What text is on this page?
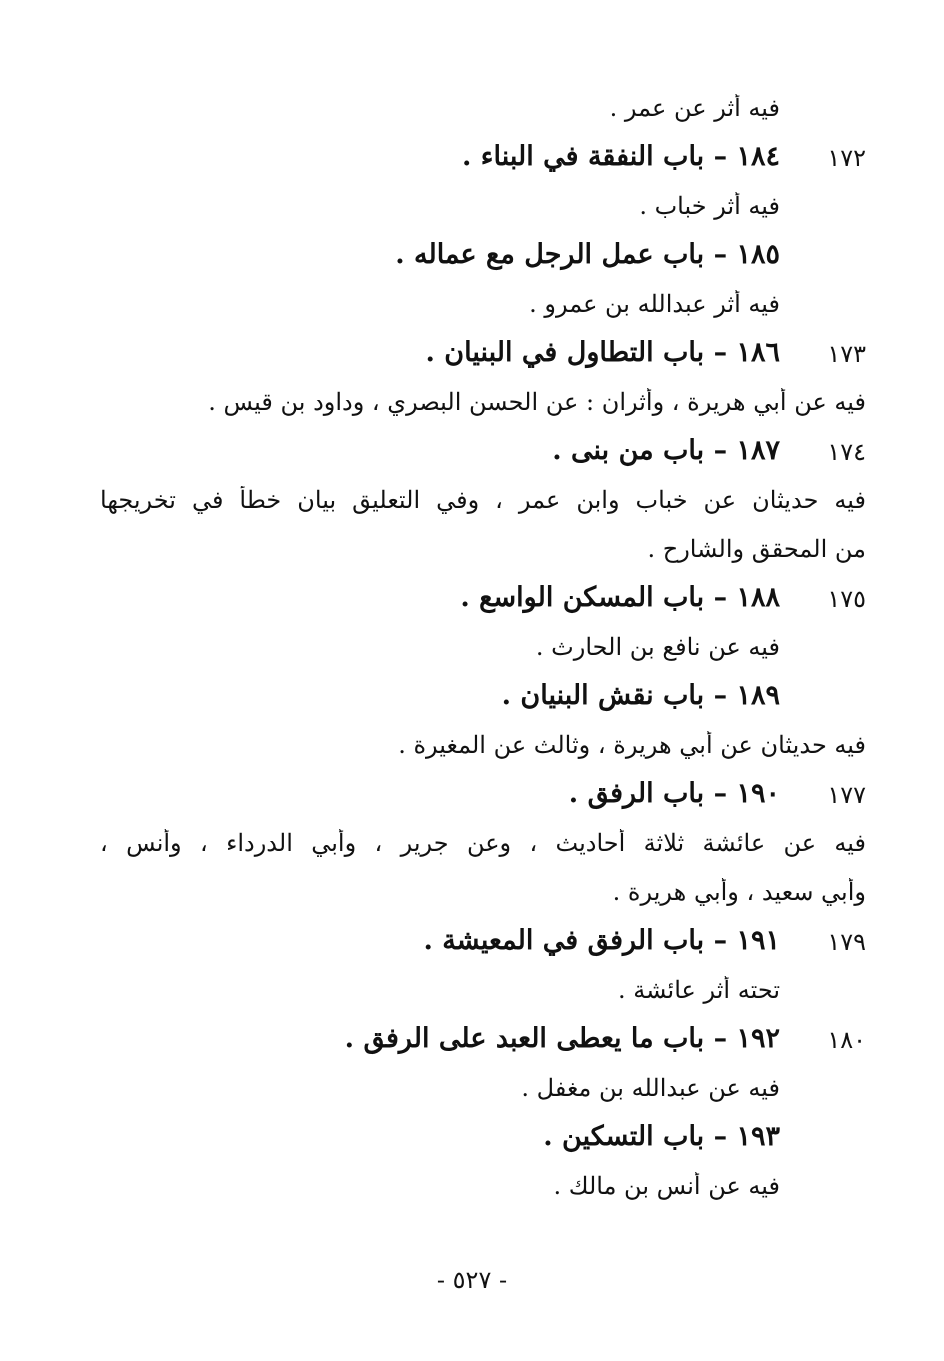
فيه أثر عن عمر .
١٧٢
١٨٤ – باب النفقة في البناء .
فيه أثر خباب .
١٨٥ – باب عمل الرجل مع عماله .
فيه أثر عبدالله بن عمرو .
١٧٣
١٨٦ – باب التطاول في البنيان .
فيه عن أبي هريرة ، وأثران : عن الحسن البصري ، وداود بن قيس .
١٧٤
١٨٧ – باب من بنى .
فيه حديثان عن خباب وابن عمر ، وفي التعليق بيان خطأ في تخريجها
من المحقق والشارح .
١٧٥
١٨٨ – باب المسكن الواسع .
فيه عن نافع بن الحارث .
١٨٩ – باب نقش البنيان .
فيه حديثان عن أبي هريرة ، وثالث عن المغيرة .
١٧٧
١٩٠ – باب الرفق .
فيه عن عائشة ثلاثة أحاديث ، وعن جرير ، وأبي الدرداء ، وأنس ،
وأبي سعيد ، وأبي هريرة .
١٧٩
١٩١ – باب الرفق في المعيشة .
تحته أثر عائشة .
١٨٠
١٩٢ – باب ما يعطى العبد على الرفق .
فيه عن عبدالله بن مغفل .
١٩٣ – باب التسكين .
فيه عن أنس بن مالك .
- ٥٢٧ -
